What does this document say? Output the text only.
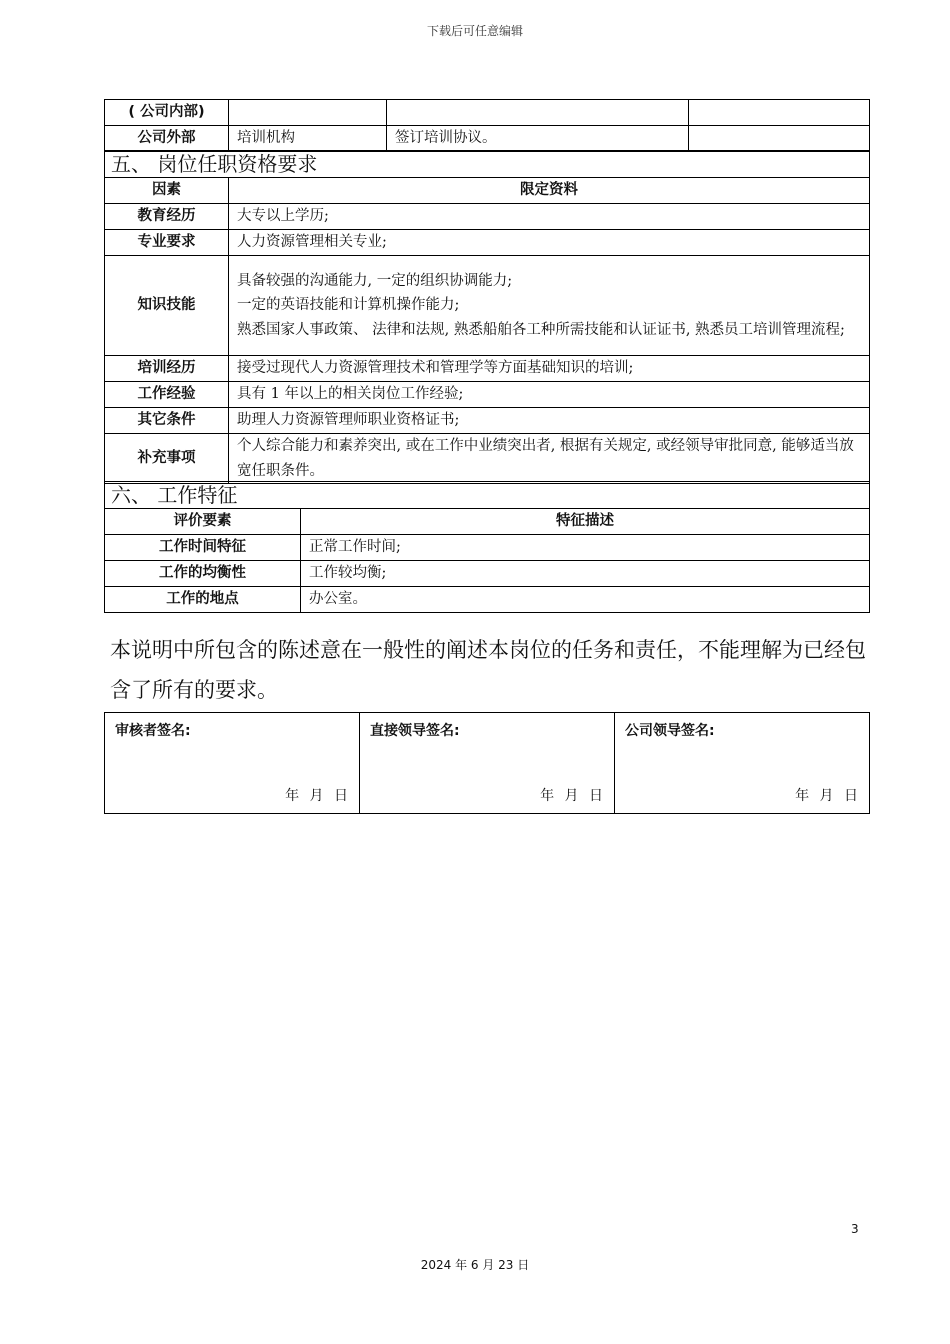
下载后可任意编辑
( 公司内部)			
公司外部	培训机构	签订培训协议。	
五、 岗位任职资格要求	
因素	限定资料
教育经历	大专以上学历;
专业要求	人力资源管理相关专业;
知识技能	具备较强的沟通能力, 一定的组织协调能力;
一定的英语技能和计算机操作能力;
熟悉国家人事政策、 法律和法规, 熟悉船舶各工种所需技能和认证证书, 熟悉员工培训管理流程;

培训经历	接受过现代人力资源管理技术和管理学等方面基础知识的培训;
工作经验	具有 1 年以上的相关岗位工作经验;
其它条件	助理人力资源管理师职业资格证书;
补充事项	个人综合能力和素养突出, 或在工作中业绩突出者, 根据有关规定, 或经领导审批同意, 能够适当放宽任职条件。
六、 工作特征	
评价要素	特征描述
工作时间特征	正常工作时间;
工作的均衡性	工作较均衡;
工作的地点	办公室。
本说明中所包含的陈述意在一般性的阐述本岗位的任务和责任，不能理解为已经包含了所有的要求。
审核者签名:
年 月 日

直接领导签名:
年 月 日

公司领导签名:
年 月 日
3
2024 年 6 月 23 日
